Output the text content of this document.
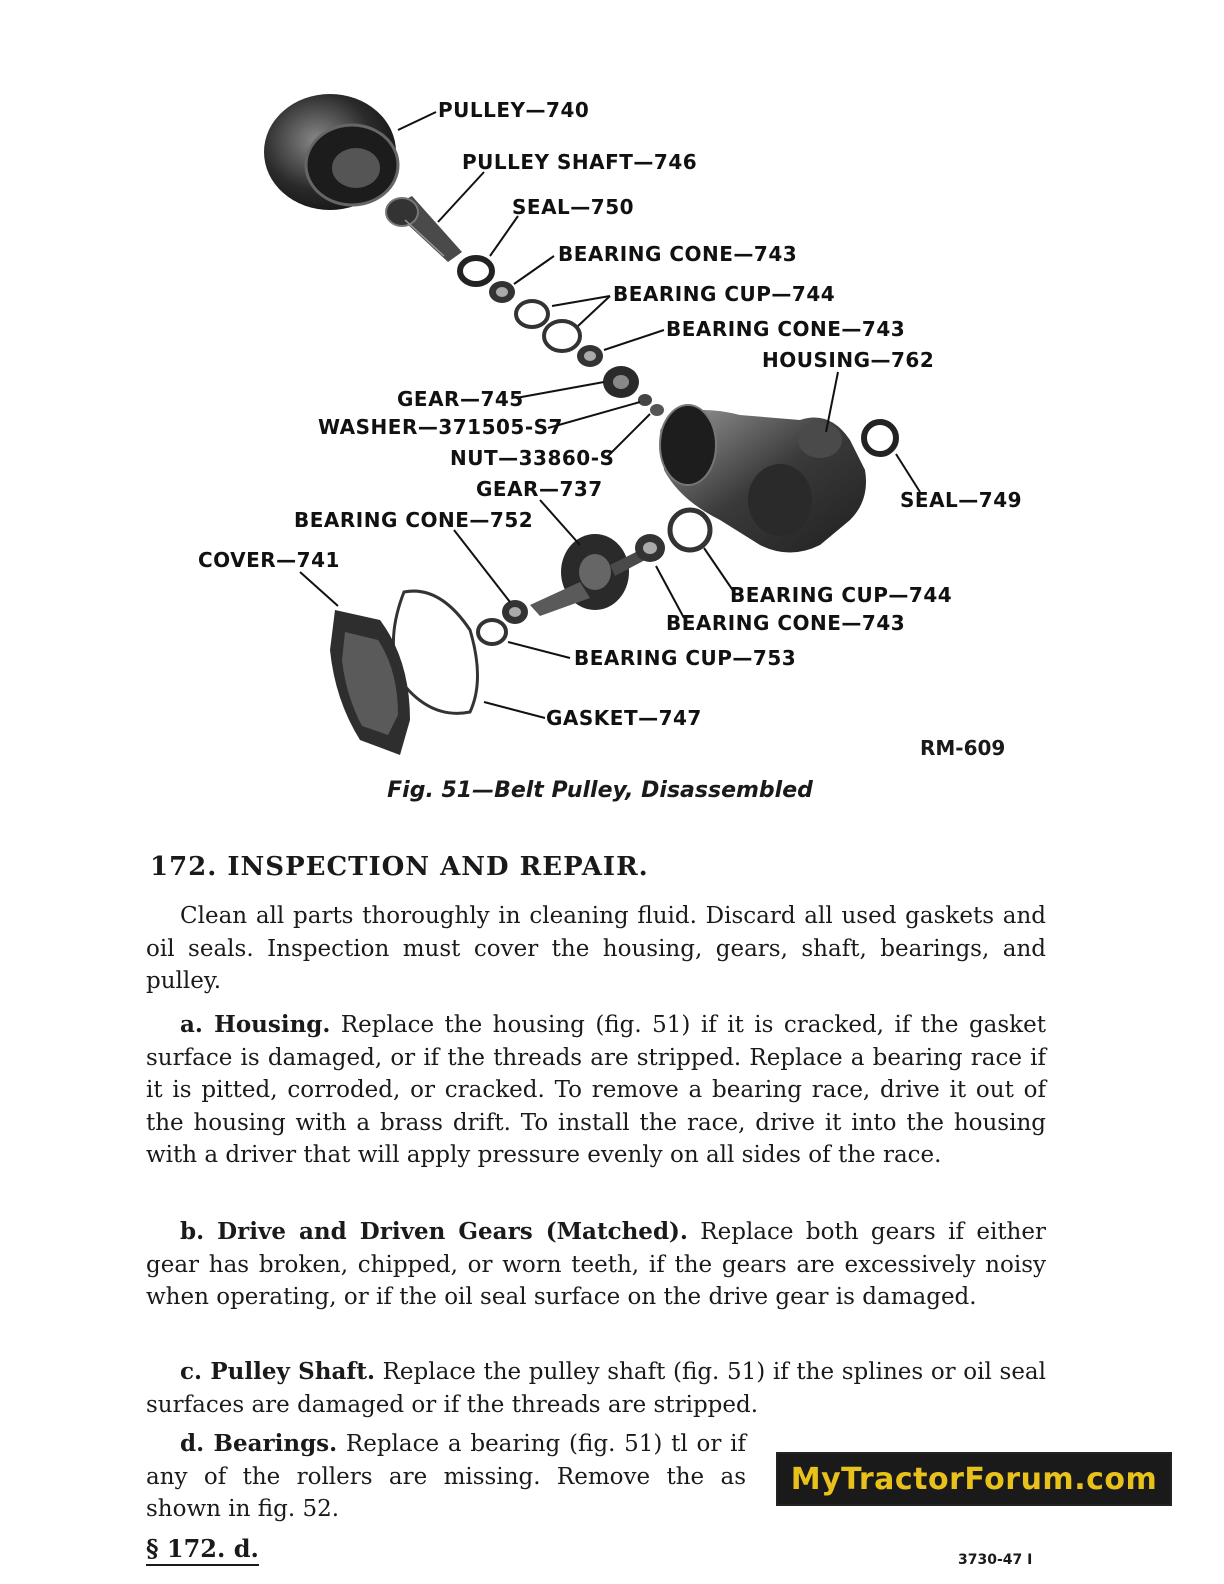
PULLEY—740
PULLEY SHAFT—746
SEAL—750
BEARING CONE—743
BEARING CUP—744
BEARING CONE—743
HOUSING—762
GEAR—745
WASHER—371505-S7
NUT—33860-S
GEAR—737	SEAL—749
BEARING CONE—752
COVER—741
BEARING CUP—744
BEARING CONE—743
BEARING CUP—753
GASKET—747
RM-609
Fig. 51—Belt Pulley, Disassembled
172. INSPECTION AND REPAIR.
Clean all parts thoroughly in cleaning fluid. Discard all used gaskets and oil seals. Inspection must cover the housing, gears, shaft, bearings, and pulley.
a. Housing. Replace the housing (fig. 51) if it is cracked, if the gasket surface is damaged, or if the threads are stripped. Replace a bearing race if it is pitted, corroded, or cracked. To remove a bearing race, drive it out of the housing with a brass drift. To install the race, drive it into the housing with a driver that will apply pressure evenly on all sides of the race.
b. Drive and Driven Gears (Matched). Replace both gears if either gear has broken, chipped, or worn teeth, if the gears are excessively noisy when operating, or if the oil seal surface on the drive gear is damaged.
c. Pulley Shaft. Replace the pulley shaft (fig. 51) if the splines or oil seal surfaces are damaged or if the threads are stripped.
d. Bearings. Replace a bearing (fig. 51) tl or if any of the rollers are missing. Remove the as shown in fig. 52.
MyTractorForum.com
§ 172. d.	3730-47 I
